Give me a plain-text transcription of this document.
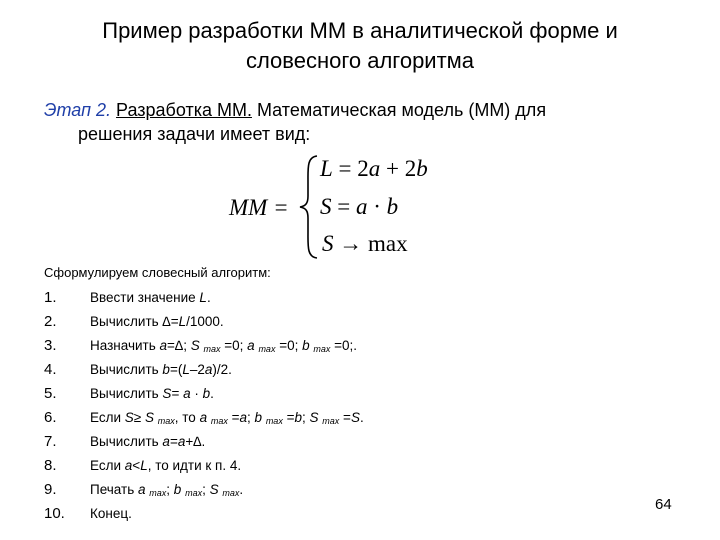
Пример разработки ММ в аналитической форме и
словесного алгоритма
Этап 2. Разработка ММ. Математическая модель (ММ) для
решения задачи имеет вид:
MM =
L = 2a + 2b
S = a · b
S → max
Сформулируем словесный алгоритм:
1.	Ввести значение L.
2.	Вычислить ∆=L/1000.
3.	Назначить a=∆; S $_{max}$ =0; a $_{max}$ =0; b $_{max}$ =0;.
4.	Вычислить b=(L–2a)/2.
5.	Вычислить S= a · b.
6.	Если S≥ S $_{max}$, то a $_{max}$ =a; b $_{max}$ =b; S $_{max}$ =S.
7.	Вычислить a=a+∆.
8.	Если a<L, то идти к п. 4.
9.	Печать a $_{max}$; b $_{max}$; S $_{max}$.
10.	Конец.
64
